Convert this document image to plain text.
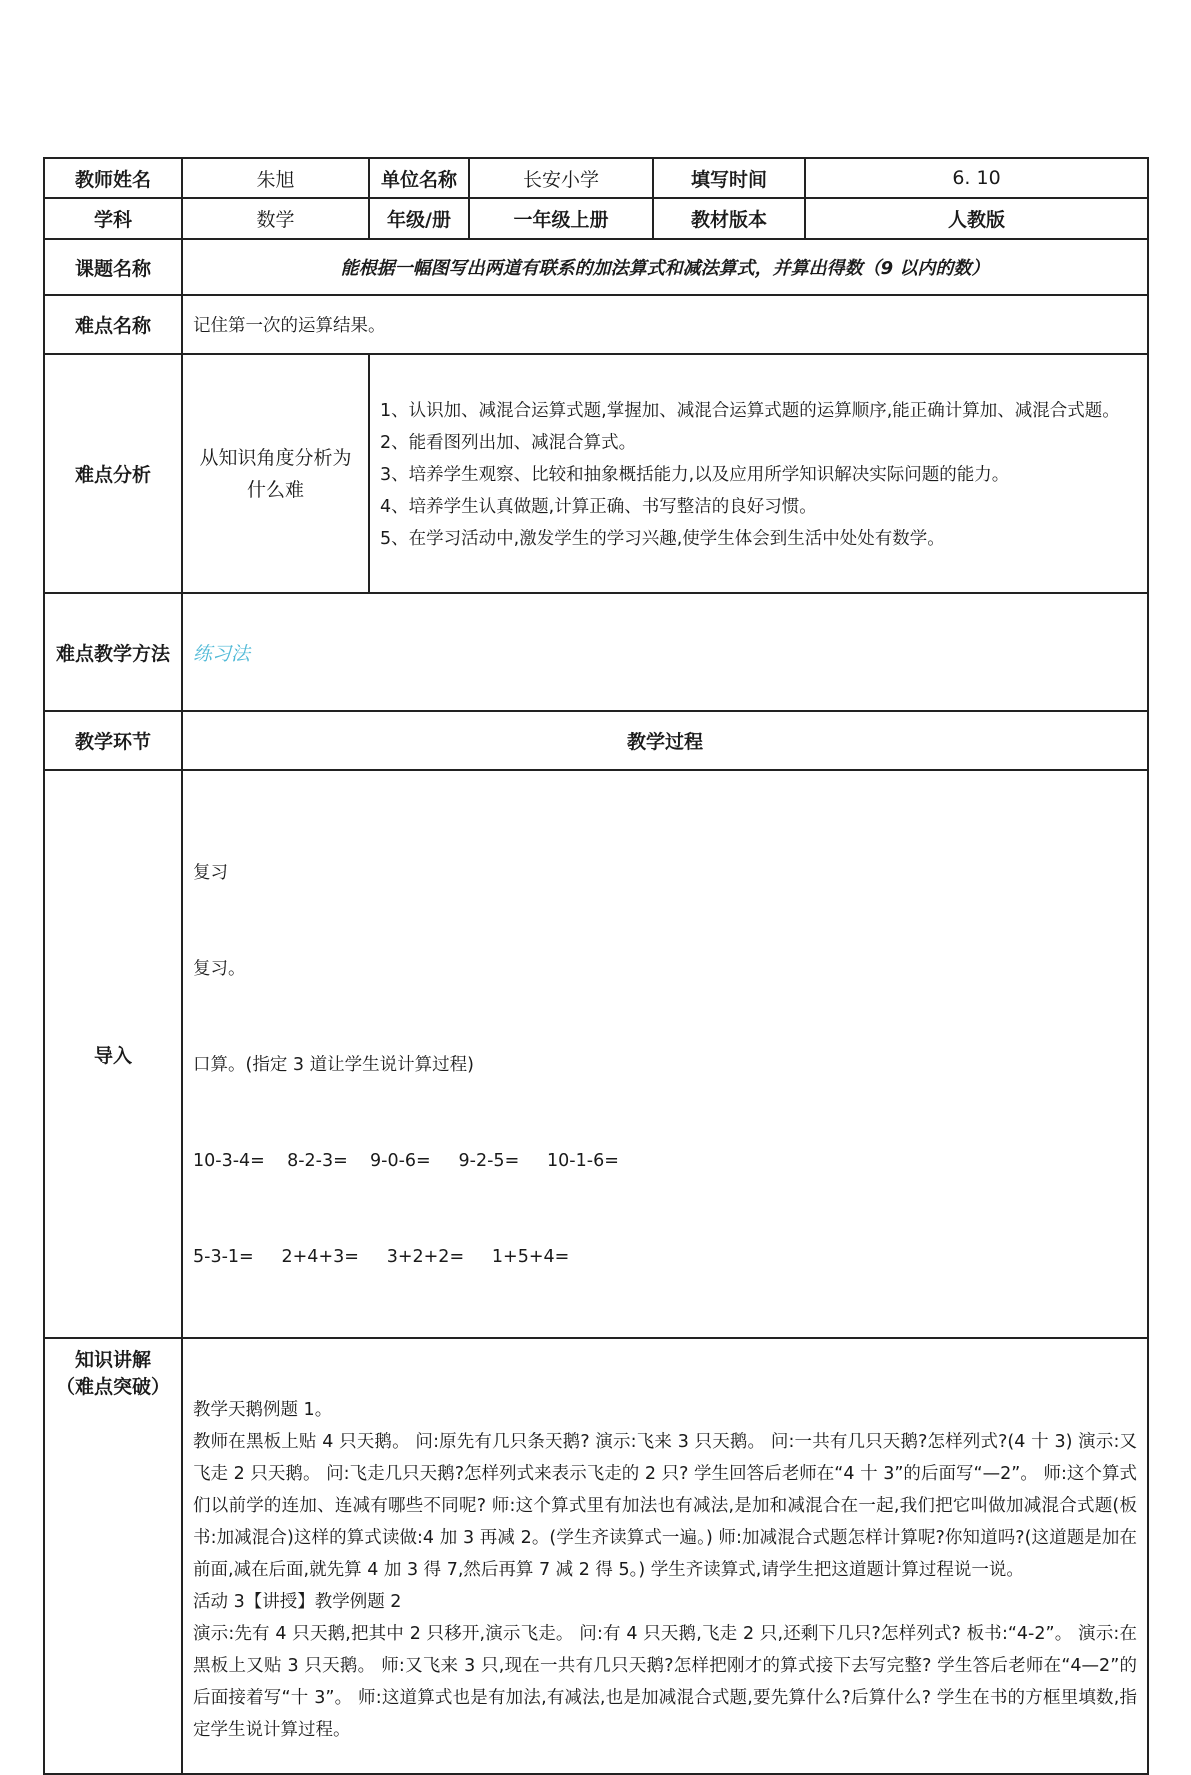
教师姓名	朱旭	单位名称	长安小学	填写时间	6. 10
学科	数学	年级/册	一年级上册	教材版本	人教版
课题名称	能根据一幅图写出两道有联系的加法算式和减法算式，并算出得数（9 以内的数）				
难点名称	记住第一次的运算结果。				
难点分析	从知识角度分析为什么难	1、认识加、减混合运算式题,掌握加、减混合运算式题的运算顺序,能正确计算加、减混合式题。
2、能看图列出加、减混合算式。
3、培养学生观察、比较和抽象概括能力,以及应用所学知识解决实际问题的能力。
4、培养学生认真做题,计算正确、书写整洁的良好习惯。
5、在学习活动中,激发学生的学习兴趣,使学生体会到生活中处处有数学。			

难点教学方法	练习法				
教学环节	教学过程				
导入	复习

复习。

口算。(指定 3 道让学生说计算过程)

10-3-4=    8-2-3=    9-0-6=     9-2-5=     10-1-6=

5-3-1=     2+4+3=     3+2+2=     1+5+4=				

知识讲解
（难点突破）	教学天鹅例题 1。
教师在黑板上贴 4 只天鹅。 问:原先有几只条天鹅? 演示:飞来 3 只天鹅。 问:一共有几只天鹅?怎样列式?(4 十 3) 演示:又飞走 2 只天鹅。 问:飞走几只天鹅?怎样列式来表示飞走的 2 只? 学生回答后老师在“4 十 3”的后面写“—2”。 师:这个算式们以前学的连加、连减有哪些不同呢? 师:这个算式里有加法也有减法,是加和减混合在一起,我们把它叫做加减混合式题(板书:加减混合)这样的算式读做:4 加 3 再减 2。(学生齐读算式一遍。) 师:加减混合式题怎样计算呢?你知道吗?(这道题是加在前面,减在后面,就先算 4 加 3 得 7,然后再算 7 减 2 得 5。) 学生齐读算式,请学生把这道题计算过程说一说。
活动 3【讲授】教学例题 2
演示:先有 4 只天鹅,把其中 2 只移开,演示飞走。 问:有 4 只天鹅,飞走 2 只,还剩下几只?怎样列式? 板书:“4-2”。 演示:在黑板上又贴 3 只天鹅。 师:又飞来 3 只,现在一共有几只天鹅?怎样把刚才的算式接下去写完整? 学生答后老师在“4—2”的后面接着写“十 3”。 师:这道算式也是有加法,有减法,也是加减混合式题,要先算什么?后算什么? 学生在书的方框里填数,指定学生说计算过程。				
